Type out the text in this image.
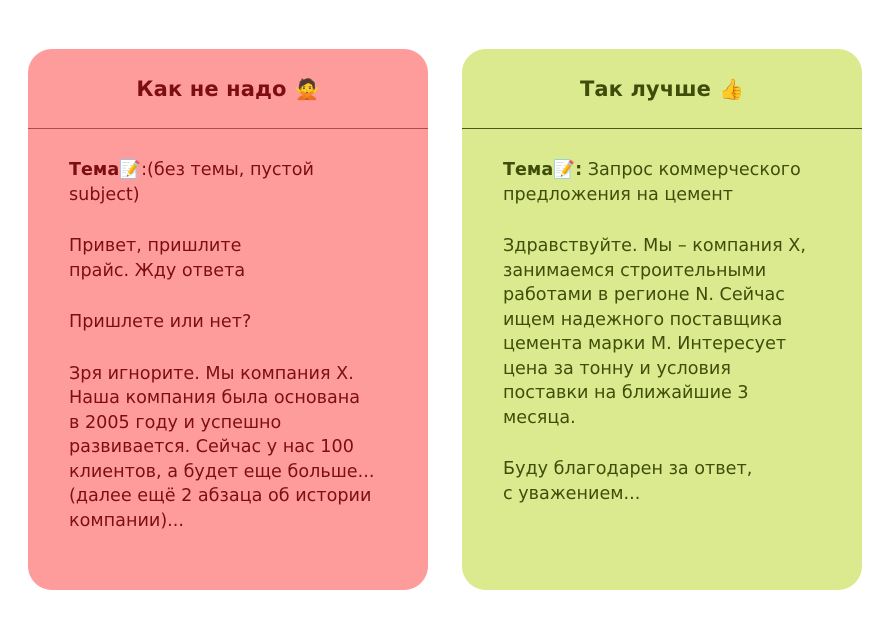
Как не надо 🙅

Тема📝:(без темы, пустой
subject)

Привет, пришлите
прайс. Жду ответа

Пришлете или нет?

Зря игнорите. Мы компания Х.
Наша компания была основана
в 2005 году и успешно
развивается. Сейчас у нас 100
клиентов, а будет еще больше...
(далее ещё 2 абзаца об истории
компании)...

Так лучше 👍

Тема📝: Запрос коммерческого
предложения на цемент

Здравствуйте. Мы – компания Х,
занимаемся строительными
работами в регионе N. Сейчас
ищем надежного поставщика
цемента марки М. Интересует
цена за тонну и условия
поставки на ближайшие 3
месяца.

Буду благодарен за ответ,
с уважением...
